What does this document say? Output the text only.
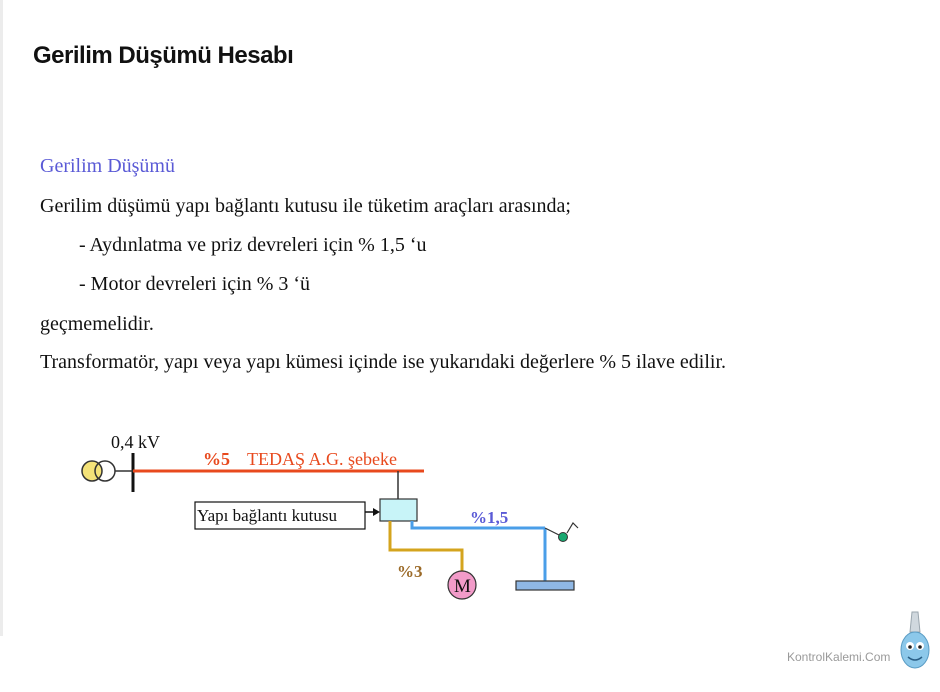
Gerilim Düşümü Hesabı

Gerilim Düşümü

Gerilim düşümü yapı bağlantı kutusu ile tüketim araçları arasında;

- Aydınlatma ve priz devreleri için % 1,5 ‘u

- Motor devreleri için % 3 ‘ü

geçmemelidir.

Transformatör, yapı veya yapı kümesi içinde ise yukarıdaki değerlere % 5 ilave edilir.

0,4 kV
%5 TEDAŞ A.G. şebeke
Yapı bağlantı kutusu	%1,5
%3
M
KontrolKalemi.Com
